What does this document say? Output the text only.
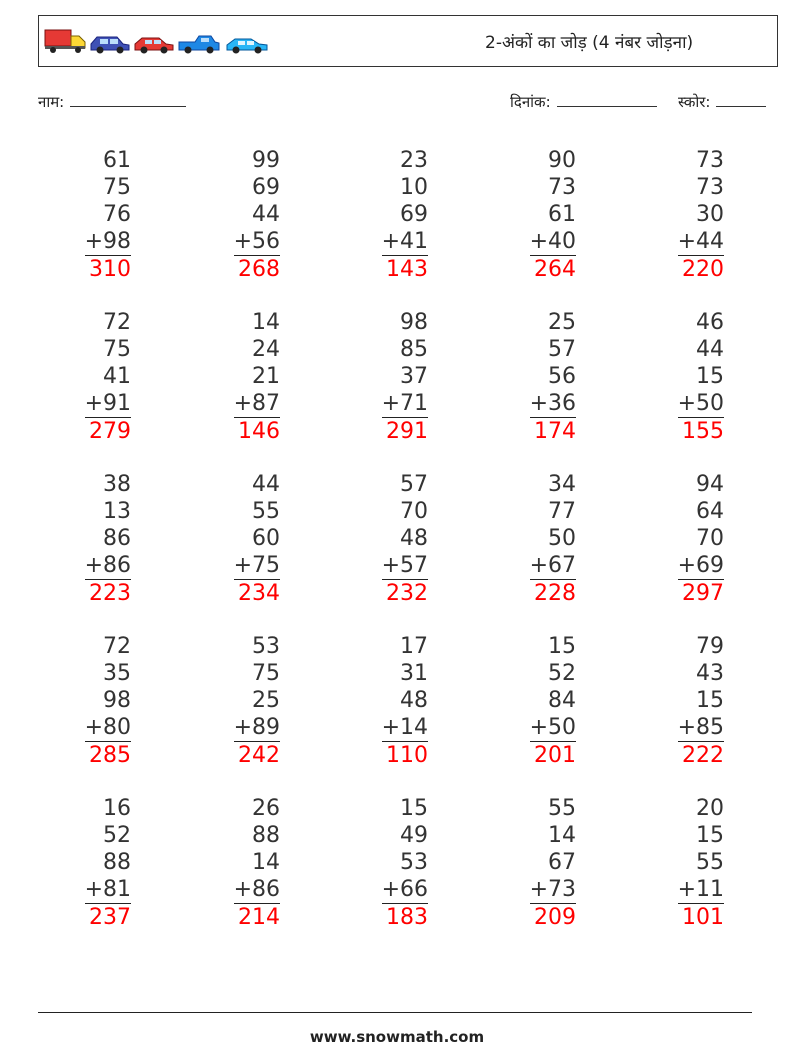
2-अंकों का जोड़ (4 नंबर जोड़ना)
नाम:	दिनांक:	स्कोर:
61
75
76
+98
310
99
69
44
+56
268
23
10
69
+41
143
90
73
61
+40
264
73
73
30
+44
220
72
75
41
+91
279
14
24
21
+87
146
98
85
37
+71
291
25
57
56
+36
174
46
44
15
+50
155
38
13
86
+86
223
44
55
60
+75
234
57
70
48
+57
232
34
77
50
+67
228
94
64
70
+69
297
72
35
98
+80
285
53
75
25
+89
242
17
31
48
+14
110
15
52
84
+50
201
79
43
15
+85
222
16
52
88
+81
237
26
88
14
+86
214
15
49
53
+66
183
55
14
67
+73
209
20
15
55
+11
101
www.snowmath.com
